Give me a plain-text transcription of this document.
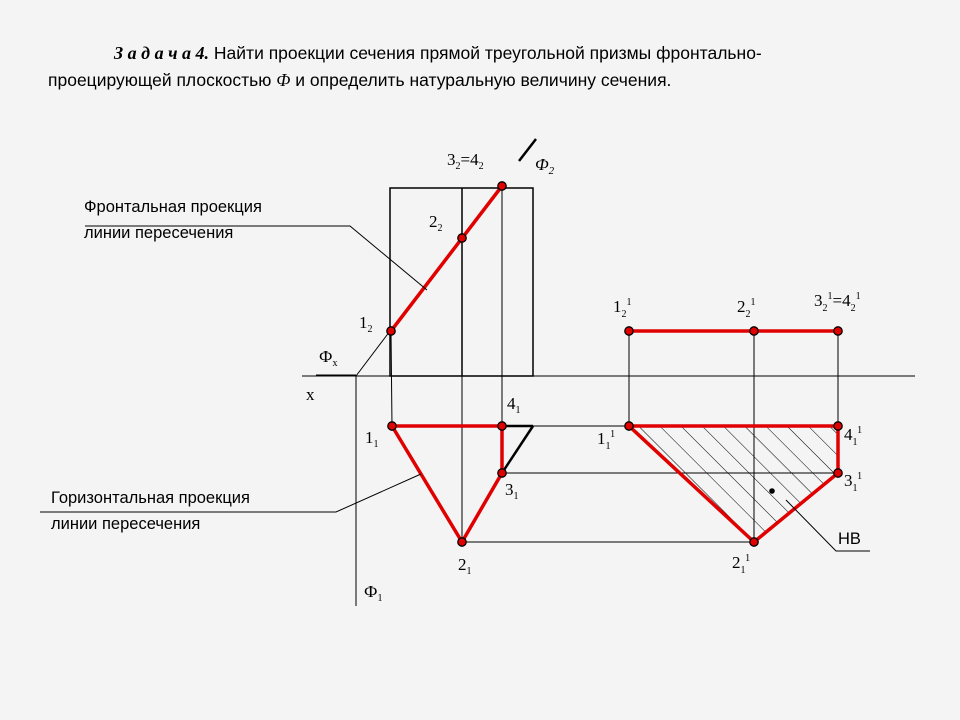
З а д а ч а 4. Найти проекции сечения прямой треугольной призмы фронтально-
проецирующей плоскостью Ф и определить натуральную величину сечения.
Фронтальная проекция
линии пересечения
Горизонтальная проекция
линии пересечения
НВ
$Ф_2$
$Ф_x$
$Ф_1$
x
$3_2=4_2$
$2_2$
$1_2$
$1_1$
$4_1$
$3_1$
$2_1$
$1_2^1$	$2_2^1$	$3_2^1=4_2^1$
$1_1^1$	$4_1^1$
$3_1^1$
$2_1^1$
